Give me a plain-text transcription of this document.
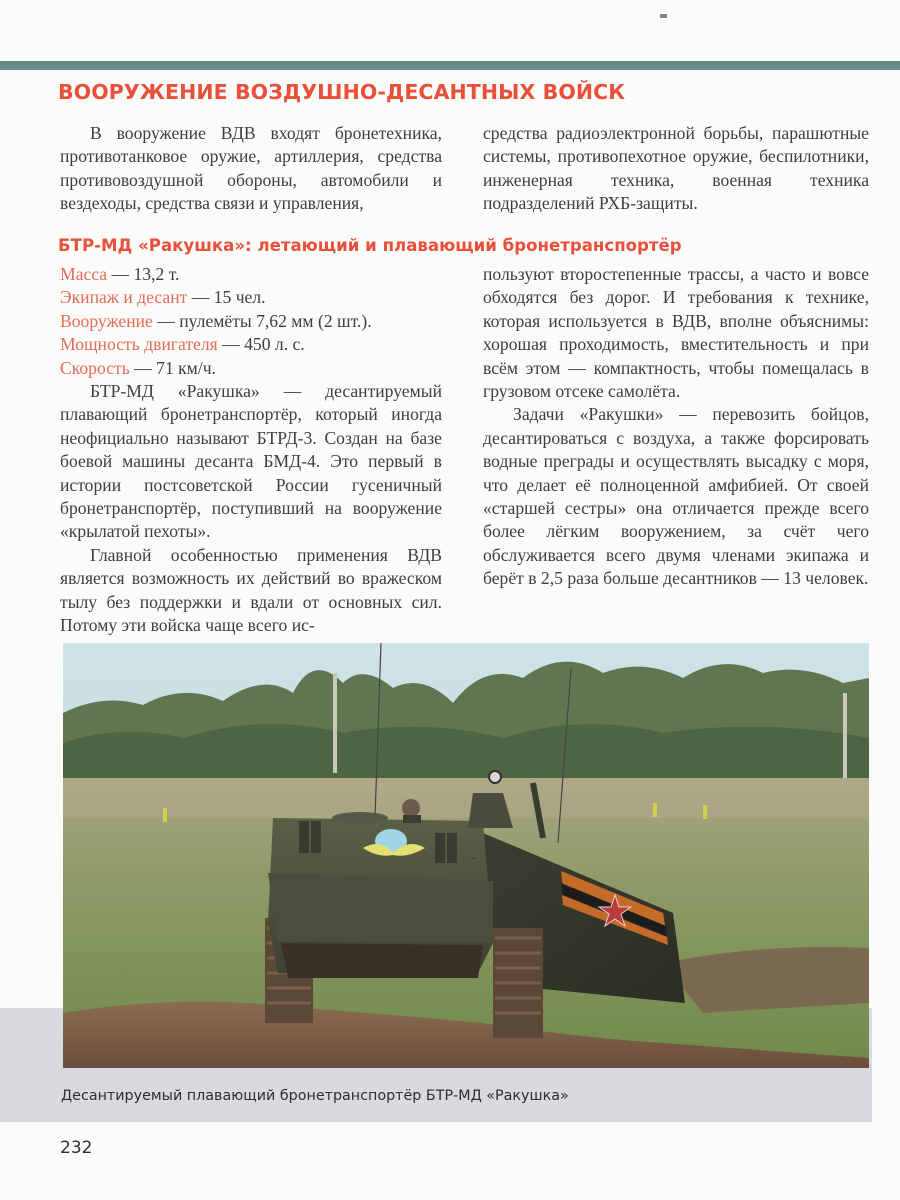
ВООРУЖЕНИЕ ВОЗДУШНО-ДЕСАНТНЫХ ВОЙСК

В вооружение ВДВ входят бронетехника, противотанковое оружие, артиллерия, средства противовоздушной обороны, автомобили и вездеходы, средства связи и управления,

средства радиоэлектронной борьбы, парашютные системы, противопехотное оружие, беспилотники, инженерная техника, военная техника подразделений РХБ-защиты.

БТР-МД «Ракушка»: летающий и плавающий бронетранспортёр
Масса — 13,2 т.
Экипаж и десант — 15 чел.
Вооружение — пулемёты 7,62 мм (2 шт.).
Мощность двигателя — 450 л. с.
Скорость — 71 км/ч.

БТР-МД «Ракушка» — десантируемый плавающий бронетранспортёр, который иногда неофициально называют БТРД-3. Создан на базе боевой машины десанта БМД-4. Это первый в истории постсоветской России гусеничный бронетранспортёр, поступивший на вооружение «крылатой пехоты».

Главной особенностью применения ВДВ является возможность их действий во вражеском тылу без поддержки и вдали от основных сил. Потому эти войска чаще всего ис-

пользуют второстепенные трассы, а часто и вовсе обходятся без дорог. И требования к технике, которая используется в ВДВ, вполне объяснимы: хорошая проходимость, вместительность и при всём этом — компактность, чтобы помещалась в грузовом отсеке самолёта.

Задачи «Ракушки» — перевозить бойцов, десантироваться с воздуха, а также форсировать водные преграды и осуществлять высадку с моря, что делает её полноценной амфибией. От своей «старшей сестры» она отличается прежде всего более лёгким вооружением, за счёт чего обслуживается всего двумя членами экипажа и берёт в 2,5 раза больше десантников — 13 человек.

Десантируемый плавающий бронетранспортёр БТР-МД «Ракушка»
232
